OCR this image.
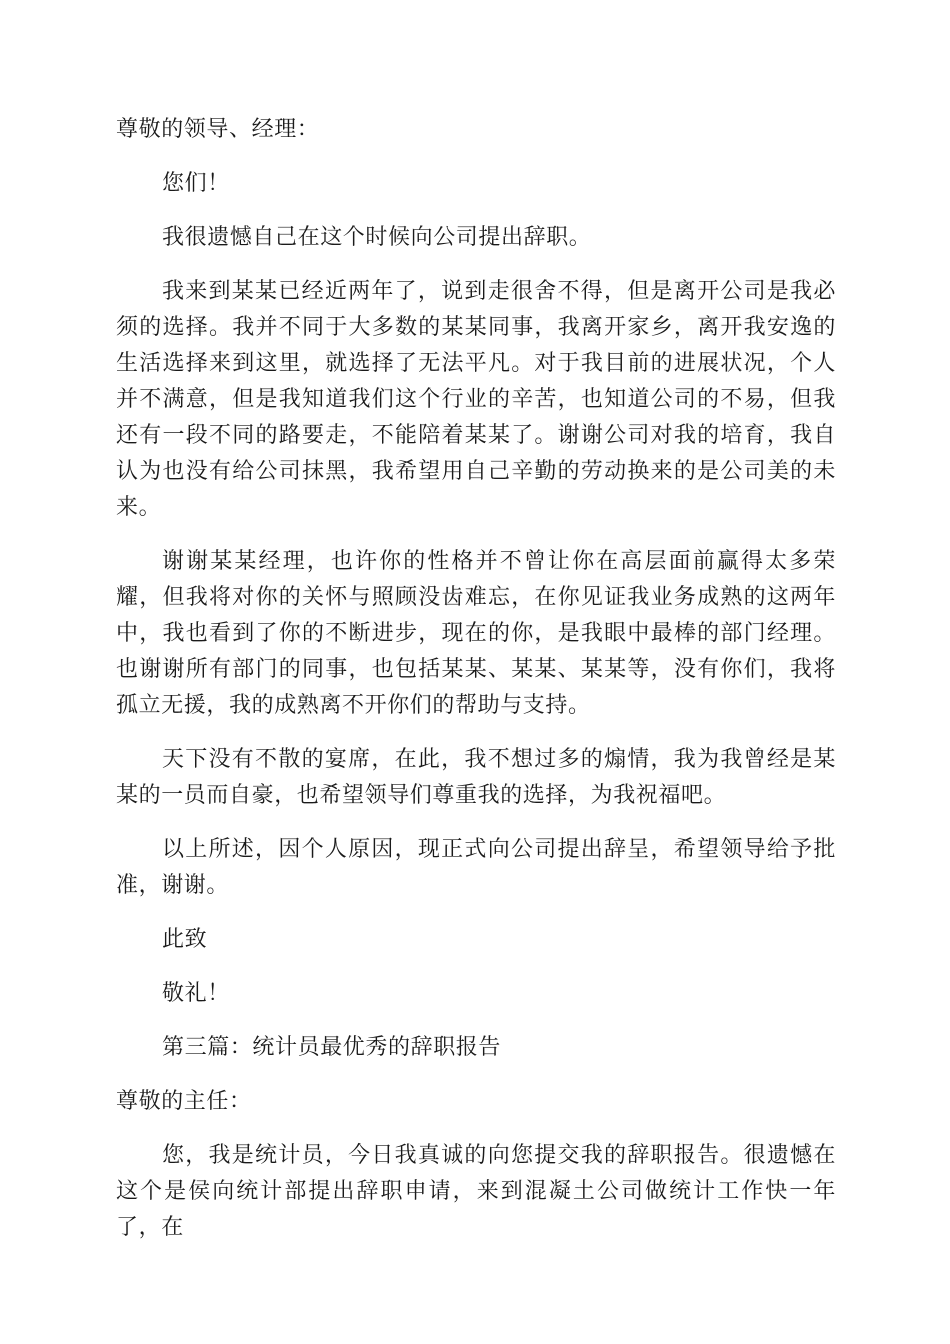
尊敬的领导、经理：

您们！

我很遗憾自己在这个时候向公司提出辞职。

我来到某某已经近两年了，说到走很舍不得，但是离开公司是我必须的选择。我并不同于大多数的某某同事，我离开家乡，离开我安逸的生活选择来到这里，就选择了无法平凡。对于我目前的进展状况，个人并不满意，但是我知道我们这个行业的辛苦，也知道公司的不易，但我还有一段不同的路要走，不能陪着某某了。谢谢公司对我的培育，我自认为也没有给公司抹黑，我希望用自己辛勤的劳动换来的是公司美的未来。

谢谢某某经理，也许你的性格并不曾让你在高层面前赢得太多荣耀，但我将对你的关怀与照顾没齿难忘，在你见证我业务成熟的这两年中，我也看到了你的不断进步，现在的你，是我眼中最棒的部门经理。也谢谢所有部门的同事，也包括某某、某某、某某等，没有你们，我将孤立无援，我的成熟离不开你们的帮助与支持。

天下没有不散的宴席，在此，我不想过多的煽情，我为我曾经是某某的一员而自豪，也希望领导们尊重我的选择，为我祝福吧。

以上所述，因个人原因，现正式向公司提出辞呈，希望领导给予批准，谢谢。

此致

敬礼！

第三篇：统计员最优秀的辞职报告

尊敬的主任：

您，我是统计员，今日我真诚的向您提交我的辞职报告。很遗憾在这个是侯向统计部提出辞职申请，来到混凝土公司做统计工作快一年了，在
